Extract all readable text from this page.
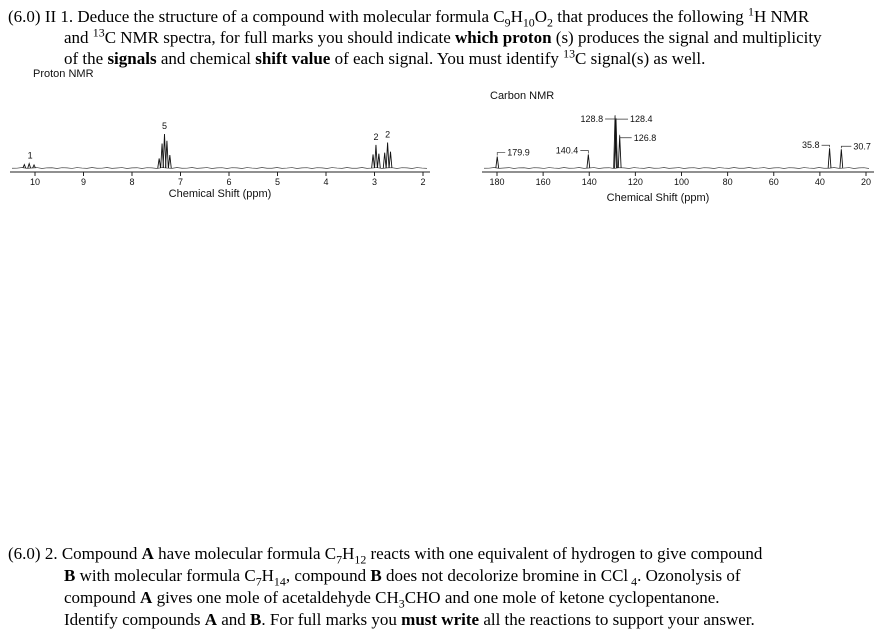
(6.0) II 1. Deduce the structure of a compound with molecular formula $C_9H_{10}O_2$ that produces the following $^1$H NMR

and $^{13}$C NMR spectra, for full marks you should indicate which proton (s) produces the signal and multiplicity

of the signals and chemical shift value of each signal. You must identify $^{13}$C signal(s) as well.

Proton NMR
10	9	8	7	6	5	4	3	2
1
5
2 2
Chemical Shift (ppm)
Carbon NMR
180	160	140	120	100	80	60	40	20
179.9	140.4
128.8	128.4
126.8
35.8	30.7
Chemical Shift (ppm)

(6.0) 2. Compound A have molecular formula $C_7H_{12}$ reacts with one equivalent of hydrogen to give compound

B with molecular formula $C_7H_{14}$, compound B does not decolorize bromine in CCl $_4$. Ozonolysis of

compound A gives one mole of acetaldehyde $CH_3CHO$ and one mole of ketone cyclopentanone.

Identify compounds A and B. For full marks you must write all the reactions to support your answer.
